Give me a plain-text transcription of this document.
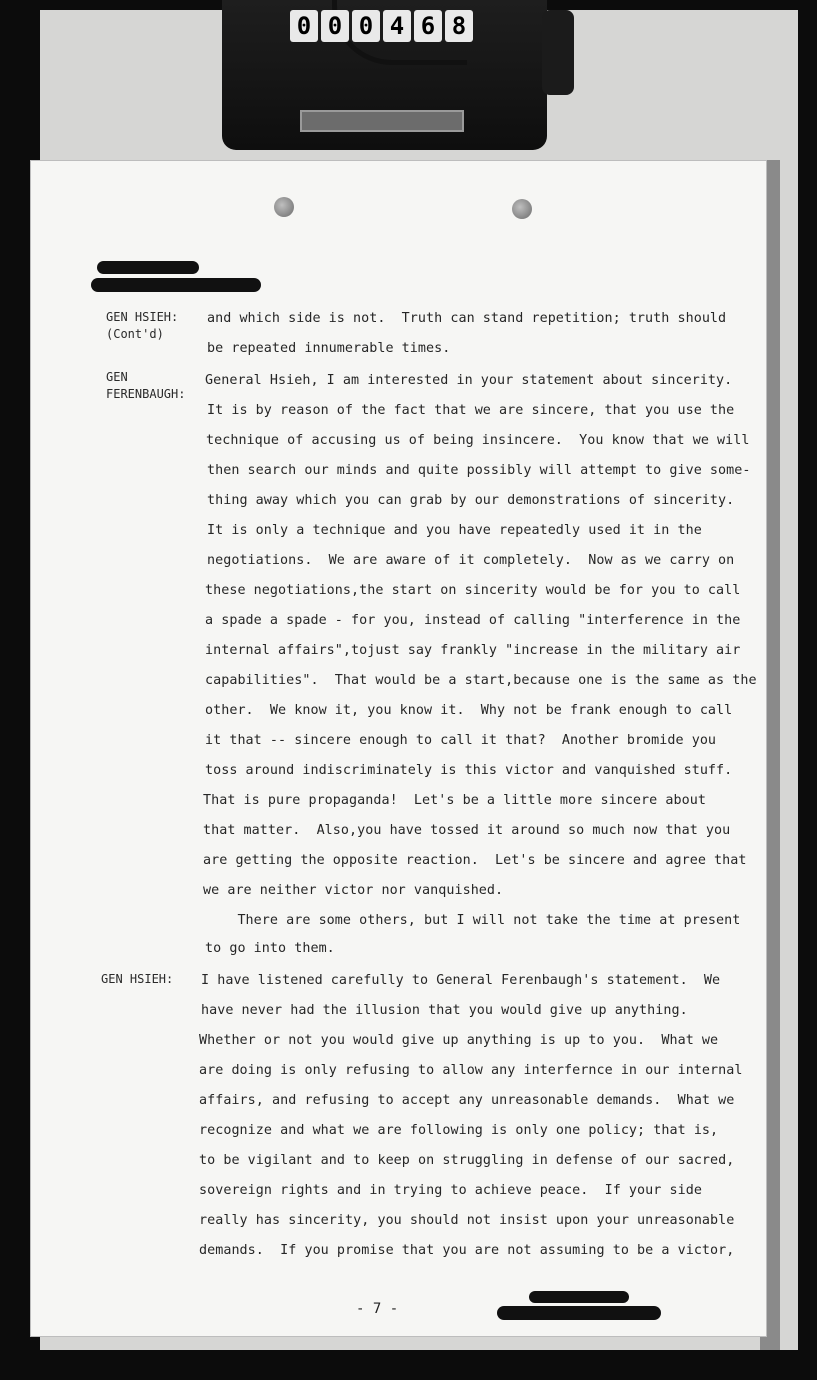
0 0 0 4 6 8
GEN HSIEH:
(Cont'd)
GEN
FERENBAUGH:
GEN HSIEH:
and which side is not.  Truth can stand repetition; truth should
be repeated innumerable times.
General Hsieh, I am interested in your statement about sincerity.
It is by reason of the fact that we are sincere, that you use the
technique of accusing us of being insincere.  You know that we will
then search our minds and quite possibly will attempt to give some-
thing away which you can grab by our demonstrations of sincerity.
It is only a technique and you have repeatedly used it in the
negotiations.  We are aware of it completely.  Now as we carry on
these negotiations,the start on sincerity would be for you to call
a spade a spade - for you, instead of calling "interference in the
internal affairs",tojust say frankly "increase in the military air
capabilities".  That would be a start,because one is the same as the
other.  We know it, you know it.  Why not be frank enough to call
it that -- sincere enough to call it that?  Another bromide you
toss around indiscriminately is this victor and vanquished stuff.
That is pure propaganda!  Let's be a little more sincere about
that matter.  Also,you have tossed it around so much now that you
are getting the opposite reaction.  Let's be sincere and agree that
we are neither victor nor vanquished.
There are some others, but I will not take the time at present
to go into them.
I have listened carefully to General Ferenbaugh's statement.  We
have never had the illusion that you would give up anything.
Whether or not you would give up anything is up to you.  What we
are doing is only refusing to allow any interfernce in our internal
affairs, and refusing to accept any unreasonable demands.  What we
recognize and what we are following is only one policy; that is,
to be vigilant and to keep on struggling in defense of our sacred,
sovereign rights and in trying to achieve peace.  If your side
really has sincerity, you should not insist upon your unreasonable
demands.  If you promise that you are not assuming to be a victor,
- 7 -
